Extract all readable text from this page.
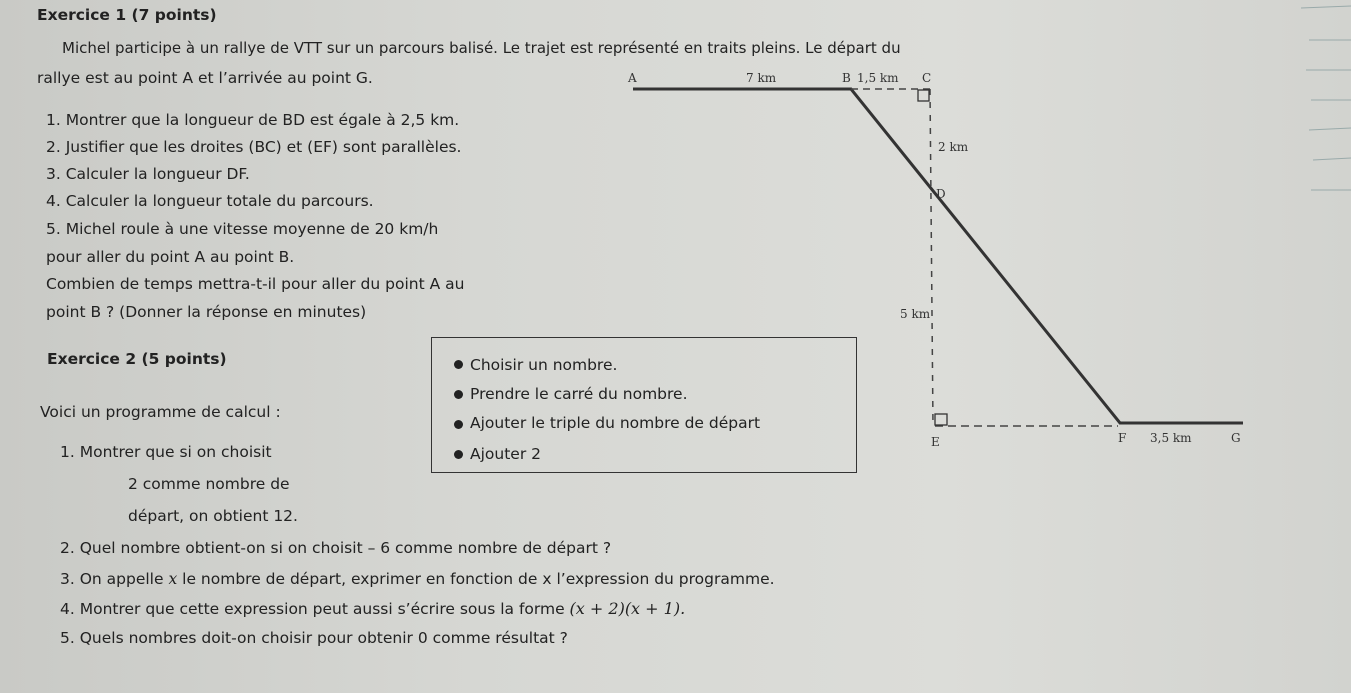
Exercice 1 (7 points)
Michel participe à un rallye de VTT sur un parcours balisé. Le trajet est représenté en traits pleins. Le départ du
rallye est au point A et l’arrivée au point G.
1. Montrer que la longueur de BD est égale à 2,5 km.
2. Justifier que les droites (BC) et (EF) sont parallèles.
3. Calculer la longueur DF.
4. Calculer la longueur totale du parcours.
5. Michel roule à une vitesse moyenne de 20 km/h
pour aller du point A au point B.
Combien de temps mettra-t-il pour aller du point A au
point B ? (Donner la réponse en minutes)
A	7 km	B 1,5 km C
2 km
D
5 km
E	F 3,5 km	G
Exercice 2 (5 points)
Voici un programme de calcul :
Choisir un nombre.
Prendre le carré du nombre.
Ajouter le triple du nombre de départ
Ajouter 2
1. Montrer que si on choisit
2 comme nombre de
départ, on obtient 12.
2. Quel nombre obtient-on si on choisit – 6 comme nombre de départ ?
3. On appelle x le nombre de départ, exprimer en fonction de x l’expression du programme.
4. Montrer que cette expression peut aussi s’écrire sous la forme (x + 2)(x + 1).
5. Quels nombres doit-on choisir pour obtenir 0 comme résultat ?
